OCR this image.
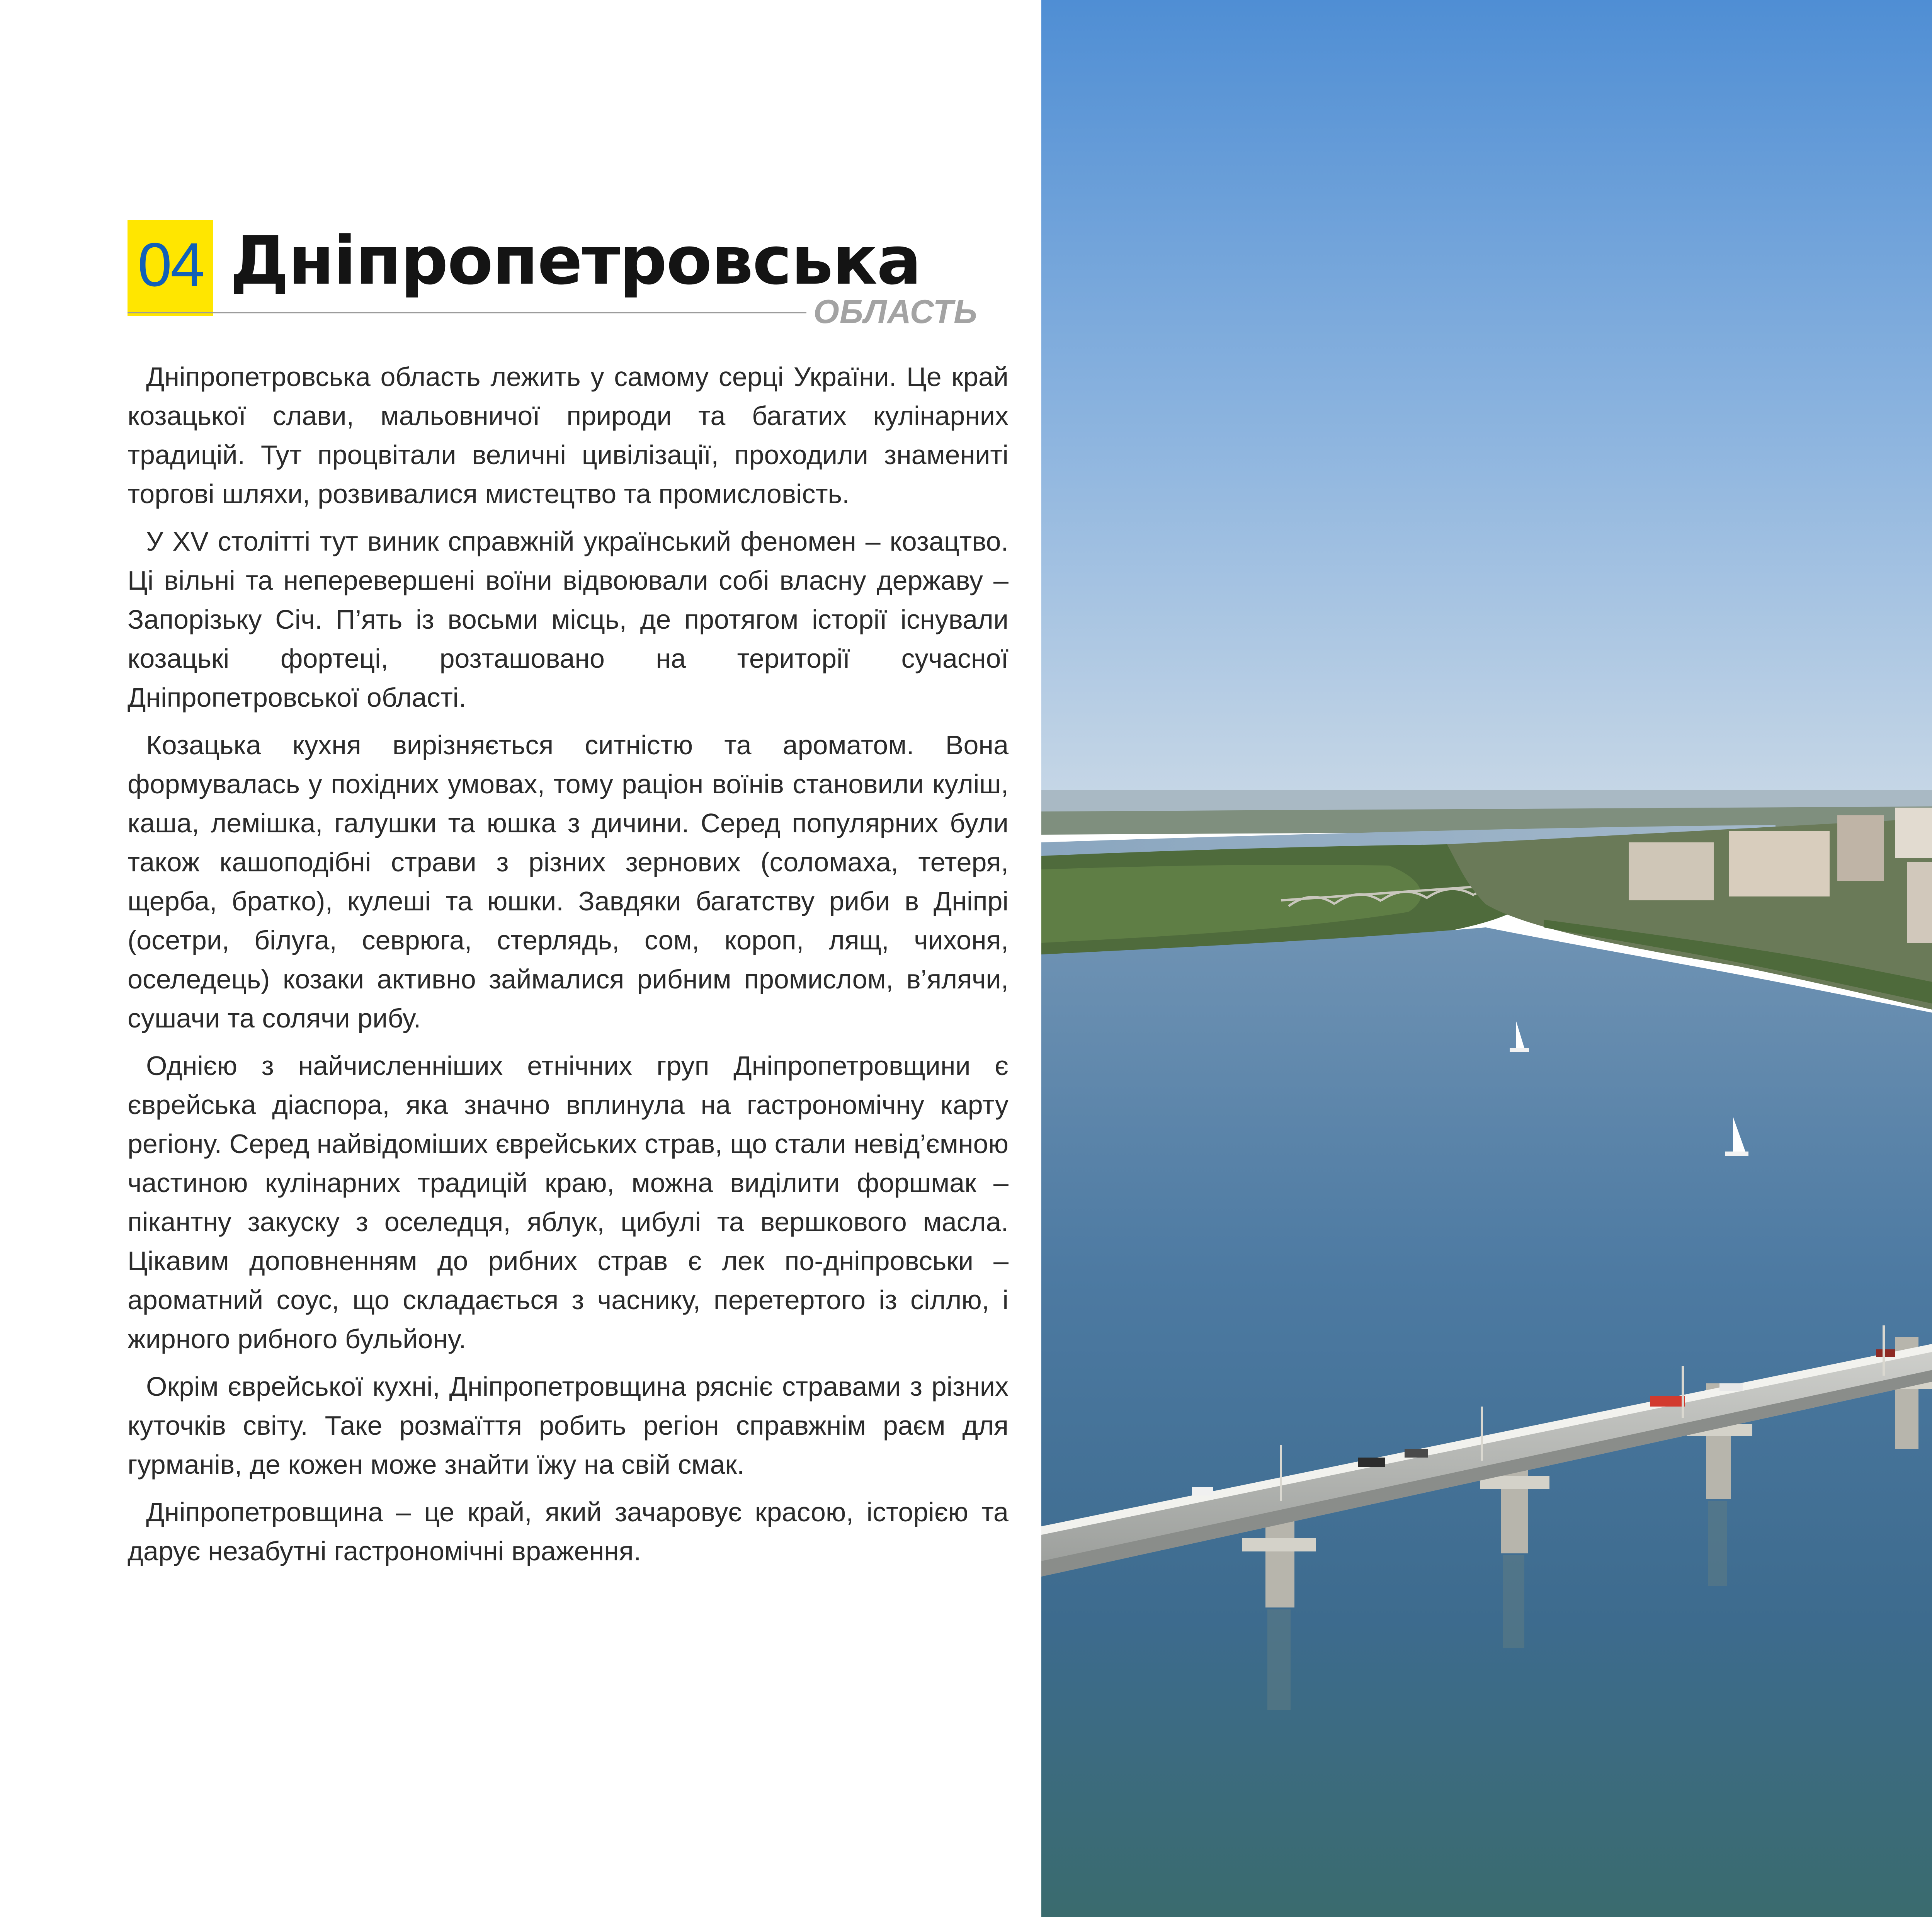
04 Дніпропетровська
ОБЛАСТЬ

Дніпропетровська область лежить у самому серці України. Це край козацької слави, мальовничої природи та багатих кулінарних традицій. Тут процвітали величні цивілізації, проходили знамениті торгові шляхи, розвивалися мистецтво та промисловість.

У XV столітті тут виник справжній український феномен – козацтво. Ці вільні та неперевершені воїни відвоювали собі власну державу – Запорізьку Січ. П’ять із восьми місць, де протягом історії існували козацькі фортеці, розташовано на території сучасної Дніпропетровської області.

Козацька кухня вирізняється ситністю та ароматом. Вона формувалась у похідних умовах, тому раціон воїнів становили куліш, каша, лемішка, галушки та юшка з дичини. Серед популярних були також кашоподібні страви з різних зернових (соломаха, тетеря, щерба, братко), кулеші та юшки. Завдяки багатству риби в Дніпрі (осетри, білуга, севрюга, стерлядь, сом, короп, лящ, чихоня, оселедець) козаки активно займалися рибним промислом, в’ялячи, сушачи та солячи рибу.

Однією з найчисленніших етнічних груп Дніпропетровщини є єврейська діаспора, яка значно вплинула на гастрономічну карту регіону. Серед найвідоміших єврейських страв, що стали невід’ємною частиною кулінарних традицій краю, можна виділити форшмак – пікантну закуску з оселедця, яблук, цибулі та вершкового масла. Цікавим доповненням до рибних страв є лек по-дніпровськи – ароматний соус, що складається з часнику, перетертого із сіллю, і жирного рибного бульйону.

Окрім єврейської кухні, Дніпропетровщина рясніє стравами з різних куточків світу. Таке розмаїття робить регіон справжнім раєм для гурманів, де кожен може знайти їжу на свій смак.

Дніпропетровщина – це край, який зачаровує красою, історією та дарує незабутні гастрономічні враження.
